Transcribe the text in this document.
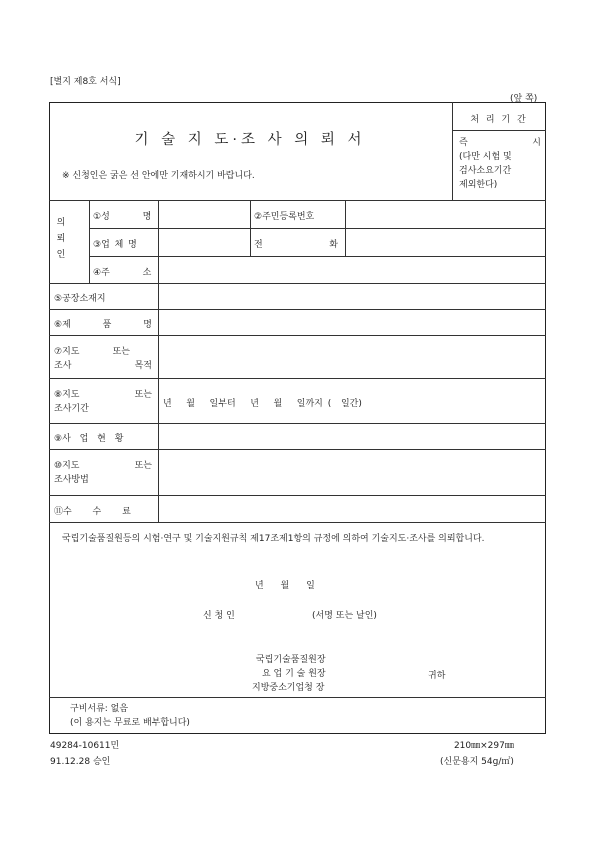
[별지 제8호 서식]
(앞 쪽)
기 술 지 도·조 사 의 뢰 서
※ 신청인은 굵은 선 안에만 기재하시기 바랍니다.
처 리 기 간
즉	시
(다만 시험 및
검사소요기간
제외한다)
의
뢰
인
①성 명	②주민등록번호
③업 체 명	전	화
④주 소
⑤공장소재지
⑥제	품	명
⑦지도	또는
조사	목적
⑧지도	또는
조사기간	년   월   일부터   년   월   일까지 (  일간)
⑨사 업 현 황
⑩지도	또는
조사방법
⑪수 수 료
국립기술품질원등의 시험·연구 및 기술지원규칙 제17조제1항의 규정에 의하여 기술지도·조사를 의뢰합니다.
년 월 일
신 청 인	(서명 또는 날인)
국립기술품질원장
요 업 기 술 원장
지방중소기업청 장
귀하
구비서류: 없음
(이 용지는 무료로 배부합니다)
49284-10611민
91.12.28 승인
210㎜×297㎜
(신문용지 54g/㎡)
